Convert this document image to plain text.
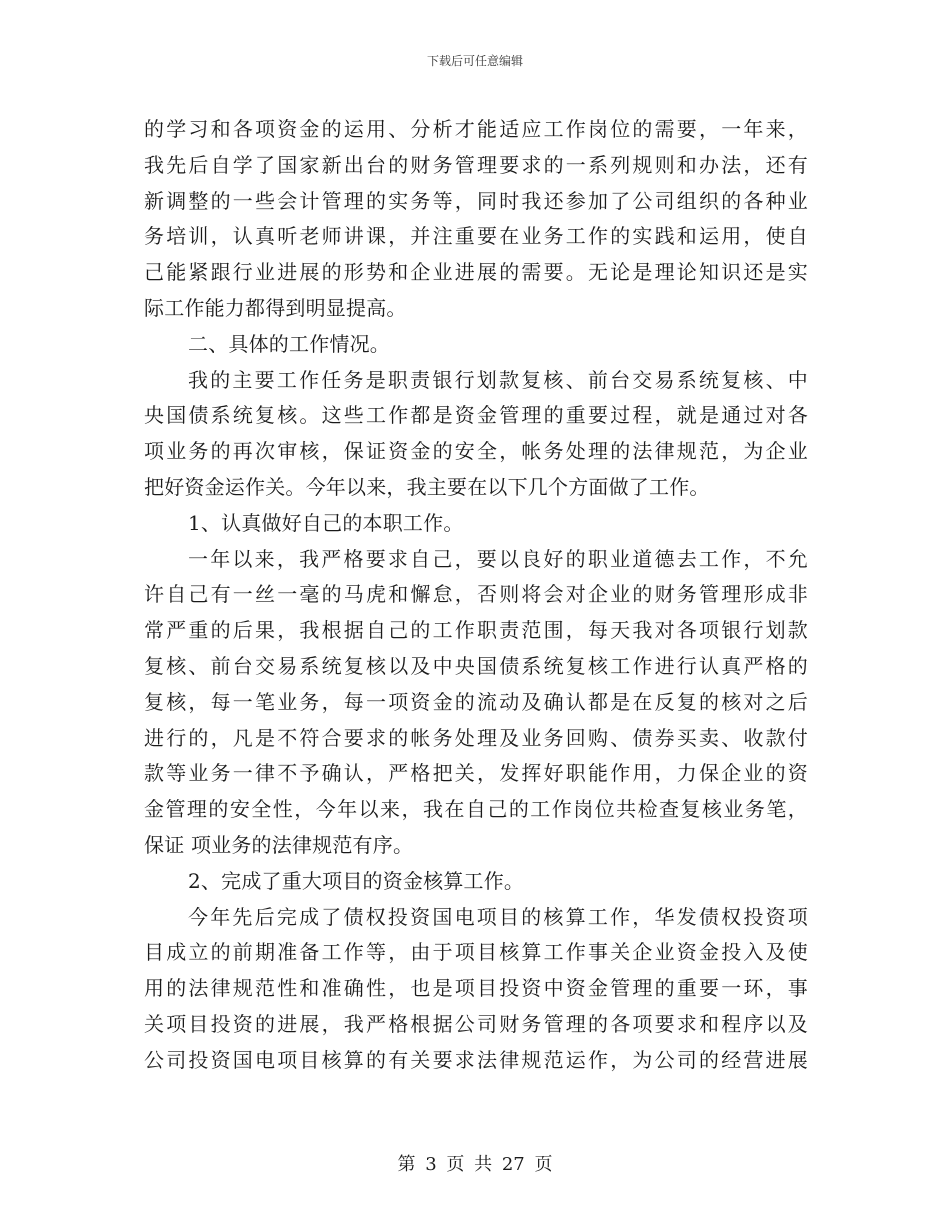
下载后可任意编辑
的学习和各项资金的运用、分析才能适应工作岗位的需要，一年来，
我先后自学了国家新出台的财务管理要求的一系列规则和办法，还有
新调整的一些会计管理的实务等，同时我还参加了公司组织的各种业
务培训，认真听老师讲课，并注重要在业务工作的实践和运用，使自
己能紧跟行业进展的形势和企业进展的需要。无论是理论知识还是实
际工作能力都得到明显提高。
二、具体的工作情况。
我的主要工作任务是职责银行划款复核、前台交易系统复核、中
央国债系统复核。这些工作都是资金管理的重要过程，就是通过对各
项业务的再次审核，保证资金的安全，帐务处理的法律规范，为企业
把好资金运作关。今年以来，我主要在以下几个方面做了工作。
1、认真做好自己的本职工作。
一年以来，我严格要求自己，要以良好的职业道德去工作，不允
许自己有一丝一毫的马虎和懈怠，否则将会对企业的财务管理形成非
常严重的后果，我根据自己的工作职责范围，每天我对各项银行划款
复核、前台交易系统复核以及中央国债系统复核工作进行认真严格的
复核，每一笔业务，每一项资金的流动及确认都是在反复的核对之后
进行的，凡是不符合要求的帐务处理及业务回购、债券买卖、收款付
款等业务一律不予确认，严格把关，发挥好职能作用，力保企业的资
金管理的安全性，今年以来，我在自己的工作岗位共检查复核业务笔，
保证 项业务的法律规范有序。
2、完成了重大项目的资金核算工作。
今年先后完成了债权投资国电项目的核算工作，华发债权投资项
目成立的前期准备工作等，由于项目核算工作事关企业资金投入及使
用的法律规范性和准确性，也是项目投资中资金管理的重要一环，事
关项目投资的进展，我严格根据公司财务管理的各项要求和程序以及
公司投资国电项目核算的有关要求法律规范运作，为公司的经营进展
第 3 页 共 27 页
